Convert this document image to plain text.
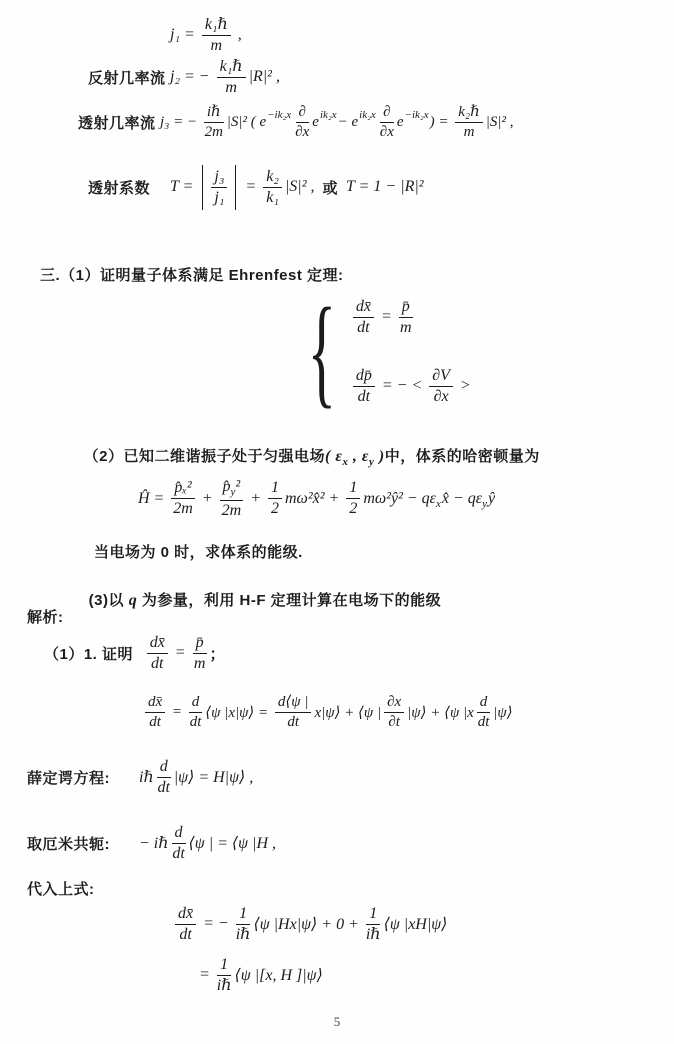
$j_1 = \frac{\text{k₁ℏ}}{m}$ ,
反射几率流 j₂ = − $\frac{\text{k₁ℏ}}{m} |R|^2$ ,
透射几率流 j₃ = − $\frac{\text{iℏ}}{2m} |S|^2$ ( $e -ik_2x \frac{\partial}{\partial x}$ e ik₂x − e $ik_2x \frac{\partial}{\partial x}$ e −ik₂x ) = $\frac{\text{k₂ℏ}}{m} |S|^2$ ,
透射系数	$T = \frac{\text{j₃}}{\text{j₁}} = \frac{\text{k₂}}{\text{k₁}} |S|^2$ , 或 T = 1 − |R|²
三.（1）证明量子体系满足 Ehrenfest 定理:
{ $\frac{dx̄}{dt} = \frac{p̄}{m}$
$\frac{dp̄}{dt}$ = − < $\frac{\partial V}{\partial x}$ >

（2）已知二维谐振子处于匀强电场( $\varepsilon_x$ , $\varepsilon_y$ )中，体系的哈密顿量为

Ĥ = $\frac{\text{p̂ₓ²}}{2m} + \frac{p̂_y^2}{2m} + \frac{1}{2}$ mω²x̂² + $\frac{1}{2}$ mω²ŷ² − qε x x̂ − qε y ŷ
当电场为 0 时，求体系的能级.

(3)以 q 为参量，利用 H-F 定理计算在电场下的能级

解析:
（1）1. 证明 $\frac{dx̄}{dt} = \frac{p̄}{m}$ ；
$\frac{dx̄}{dt} = \frac{d}{dt}$ ⟨ψ |x|ψ⟩ = $\frac{d⟨\psi |}{dt}$ x|ψ⟩ + ⟨ψ | $\frac{\partial x}{\partial t}$ |ψ⟩ + ⟨ψ $|x \frac{d}{dt}$ |ψ⟩
薛定谔方程:	iℏ $\frac{d}{dt}$ |ψ⟩ = H|ψ⟩ ,
取厄米共轭:	− iℏ $\frac{d}{dt}$ ⟨ψ | = ⟨ψ |H ,
代入上式:
$\frac{dx̄}{dt}$ = − $\frac{1}{\text{iℏ}}$ ⟨ψ |Hx|ψ⟩ + $0 + \frac{1}{\text{iℏ}}$ ⟨ψ |xH|ψ⟩
= $\frac{1}{\text{iℏ}}$ ⟨ψ |[x, H ]|ψ⟩
5
